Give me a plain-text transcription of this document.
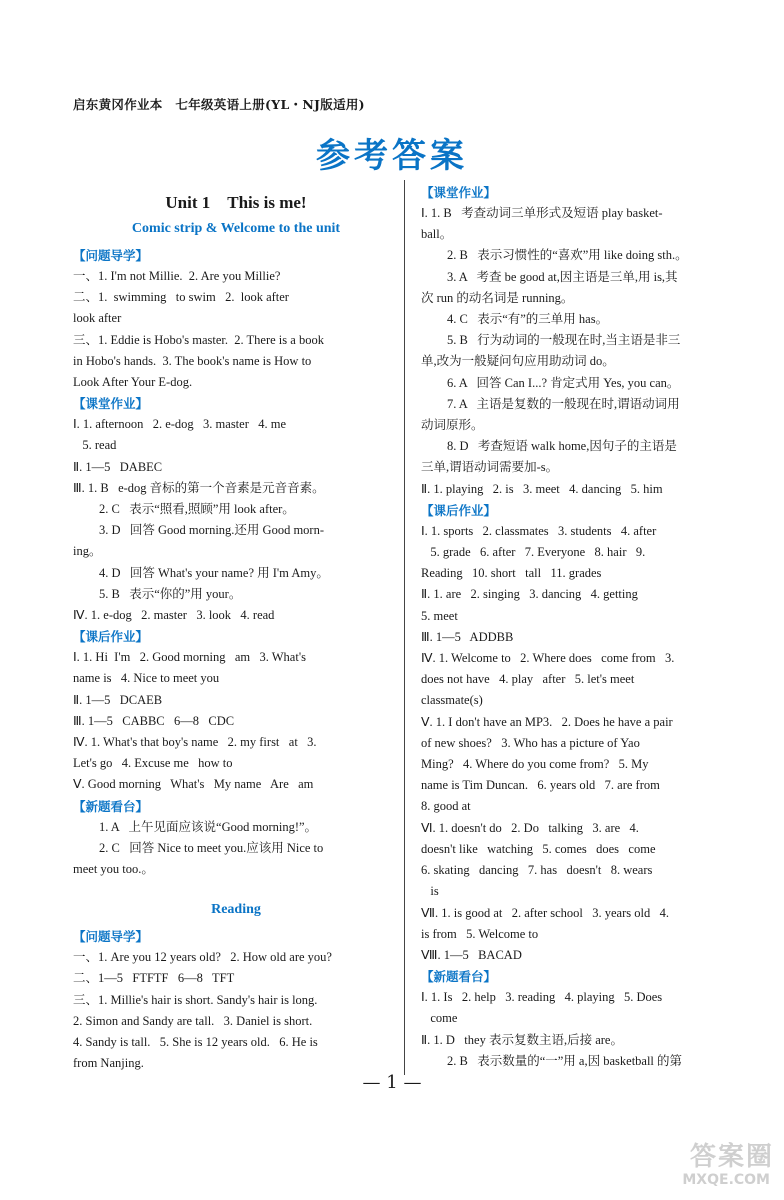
启东黄冈作业本　七年级英语上册(YL・NJ版适用)
参考答案
Unit 1　This is me!
Comic strip & Welcome to the unit
【问题导学】
一、1. I'm not Millie.  2. Are you Millie?
二、1.  swimming   to swim   2.  look after
look after
三、1. Eddie is Hobo's master.  2. There is a book
in Hobo's hands.  3. The book's name is How to
Look After Your E-dog.
【课堂作业】
Ⅰ. 1. afternoon   2. e-dog   3. master   4. me
5. read
Ⅱ. 1—5   DABEC
Ⅲ. 1. B   e-dog 音标的第一个音素是元音音素。
2. C   表示“照看,照顾”用 look after。
3. D   回答 Good morning.还用 Good morn-
ing。
4. D   回答 What's your name? 用 I'm Amy。
5. B   表示“你的”用 your。
Ⅳ. 1. e-dog   2. master   3. look   4. read
【课后作业】
Ⅰ. 1. Hi  I'm   2. Good morning   am   3. What's
name is   4. Nice to meet you
Ⅱ. 1—5   DCAEB
Ⅲ. 1—5   CABBC   6—8   CDC
Ⅳ. 1. What's that boy's name   2. my first   at   3.
Let's go   4. Excuse me   how to
Ⅴ. Good morning   What's   My name   Are   am
【新题看台】
1. A   上午见面应该说“Good morning!”。
2. C   回答 Nice to meet you.应该用 Nice to
meet you too.。
Reading
【问题导学】
一、1. Are you 12 years old?   2. How old are you?
二、1—5   FTFTF   6—8   TFT
三、1. Millie's hair is short. Sandy's hair is long.
2. Simon and Sandy are tall.   3. Daniel is short.
4. Sandy is tall.   5. She is 12 years old.   6. He is
from Nanjing.
【课堂作业】
Ⅰ. 1. B   考查动词三单形式及短语 play basket-
ball。
2. B   表示习惯性的“喜欢”用 like doing sth.。
3. A   考查 be good at,因主语是三单,用 is,其
次 run 的动名词是 running。
4. C   表示“有”的三单用 has。
5. B   行为动词的一般现在时,当主语是非三
单,改为一般疑问句应用助动词 do。
6. A   回答 Can I...? 肯定式用 Yes, you can。
7. A   主语是复数的一般现在时,谓语动词用
动词原形。
8. D   考查短语 walk home,因句子的主语是
三单,谓语动词需要加-s。
Ⅱ. 1. playing   2. is   3. meet   4. dancing   5. him
【课后作业】
Ⅰ. 1. sports   2. classmates   3. students   4. after
5. grade   6. after   7. Everyone   8. hair   9.
Reading   10. short   tall   11. grades
Ⅱ. 1. are   2. singing   3. dancing   4. getting
5. meet
Ⅲ. 1—5   ADDBB
Ⅳ. 1. Welcome to   2. Where does   come from   3.
does not have   4. play   after   5. let's meet
classmate(s)
Ⅴ. 1. I don't have an MP3.   2. Does he have a pair
of new shoes?   3. Who has a picture of Yao
Ming?   4. Where do you come from?   5. My
name is Tim Duncan.   6. years old   7. are from
8. good at
Ⅵ. 1. doesn't do   2. Do   talking   3. are   4.
doesn't like   watching   5. comes   does   come
6. skating   dancing   7. has   doesn't   8. wears
is
Ⅶ. 1. is good at   2. after school   3. years old   4.
is from   5. Welcome to
Ⅷ. 1—5   BACAD
【新题看台】
Ⅰ. 1. Is   2. help   3. reading   4. playing   5. Does
come
Ⅱ. 1. D   they 表示复数主语,后接 are。
2. B   表示数量的“一”用 a,因 basketball 的第
— 1 —
答案圈
MXQE.COM
